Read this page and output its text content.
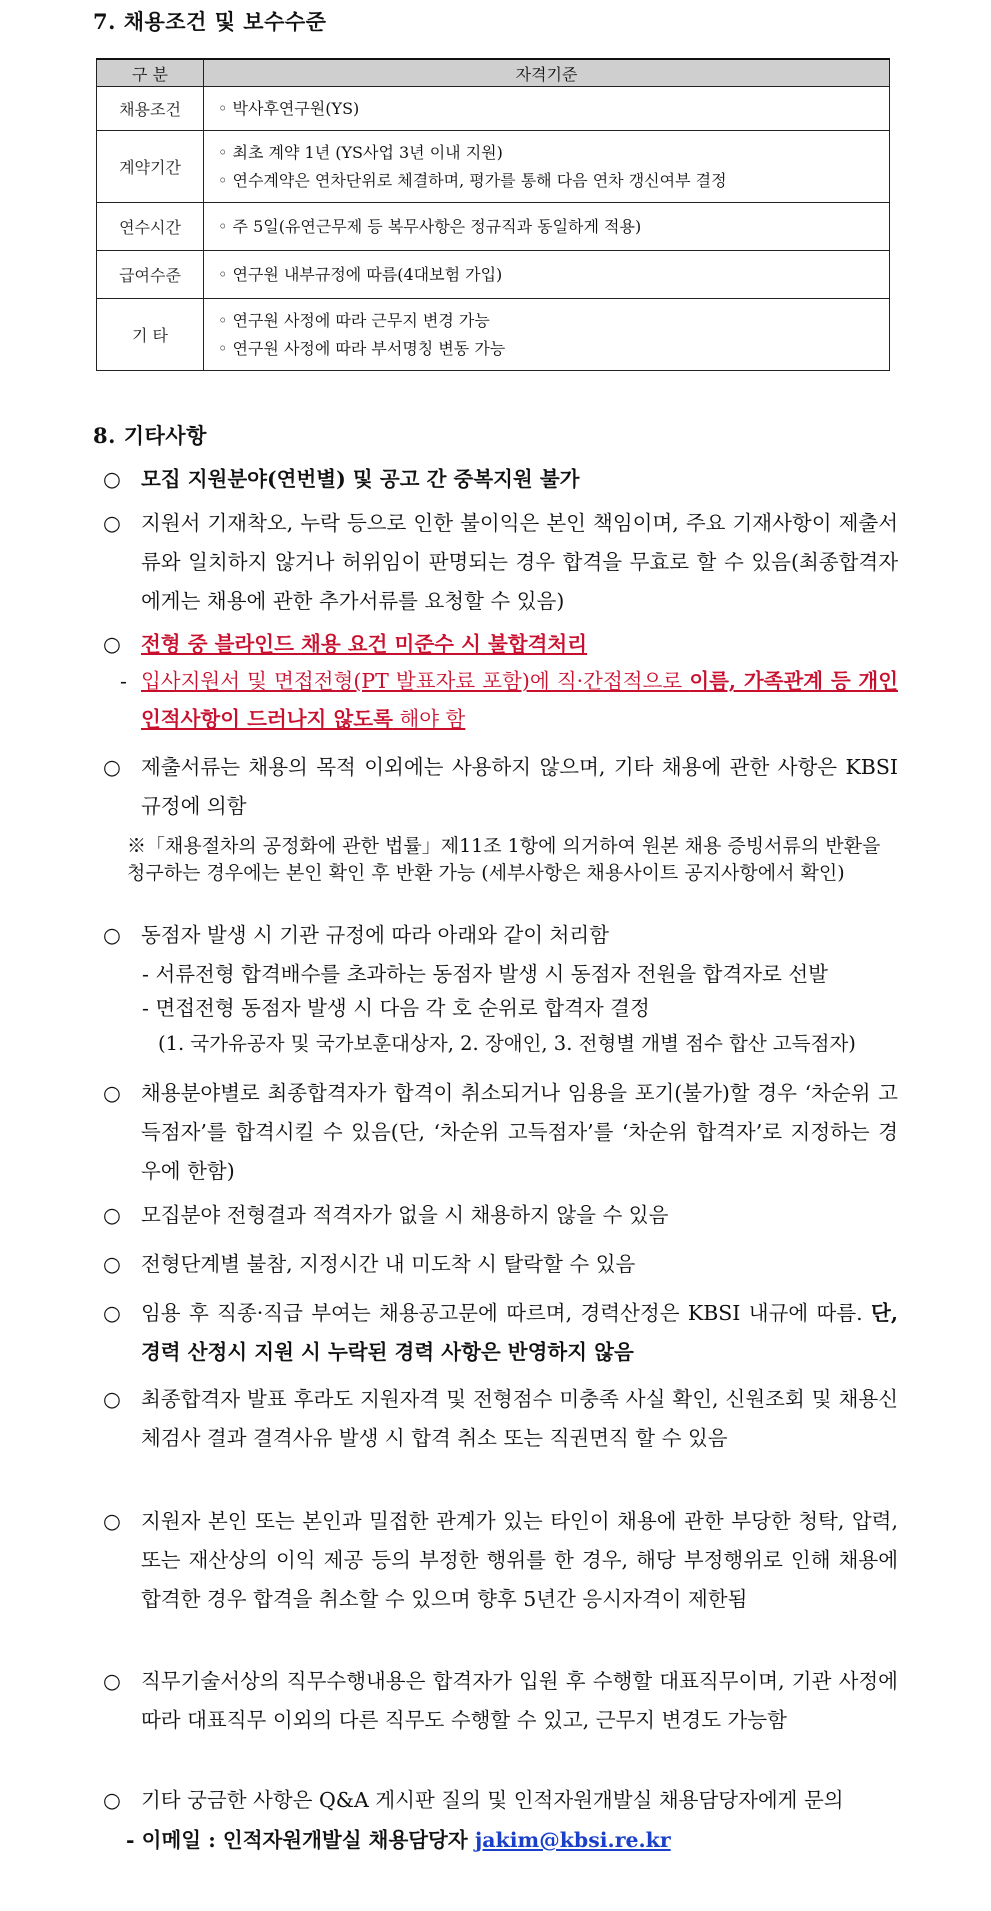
7. 채용조건 및 보수수준
구 분	자격기준
채용조건	◦ 박사후연구원(YS)

계약기간	◦ 최초 계약 1년 (YS사업 3년 이내 지원)
◦ 연수계약은 연차단위로 체결하며, 평가를 통해 다음 연차 갱신여부 결정

연수시간	◦ 주 5일(유연근무제 등 복무사항은 정규직과 동일하게 적용)

급여수준	◦ 연구원 내부규정에 따름(4대보험 가입)

기 타	◦ 연구원 사정에 따라 근무지 변경 가능
◦ 연구원 사정에 따라 부서명칭 변동 가능
8. 기타사항
○ 모집 지원분야(연번별) 및 공고 간 중복지원 불가
○ 지원서 기재착오, 누락 등으로 인한 불이익은 본인 책임이며, 주요 기재사항이 제출서류와 일치하지 않거나 허위임이 판명되는 경우 합격을 무효로 할 수 있음(최종합격자에게는 채용에 관한 추가서류를 요청할 수 있음)
○ 전형 중 블라인드 채용 요건 미준수 시 불합격처리
- 입사지원서 및 면접전형(PT 발표자료 포함)에 직·간접적으로 이름, 가족관계 등 개인 인적사항이 드러나지 않도록 해야 함
○ 제출서류는 채용의 목적 이외에는 사용하지 않으며, 기타 채용에 관한 사항은 KBSI 규정에 의함
※「채용절차의 공정화에 관한 법률」제11조 1항에 의거하여 원본 채용 증빙서류의 반환을 청구하는 경우에는 본인 확인 후 반환 가능 (세부사항은 채용사이트 공지사항에서 확인)
○ 동점자 발생 시 기관 규정에 따라 아래와 같이 처리함
- 서류전형 합격배수를 초과하는 동점자 발생 시 동점자 전원을 합격자로 선발
- 면접전형 동점자 발생 시 다음 각 호 순위로 합격자 결정
(1. 국가유공자 및 국가보훈대상자, 2. 장애인, 3. 전형별 개별 점수 합산 고득점자)
○ 채용분야별로 최종합격자가 합격이 취소되거나 임용을 포기(불가)할 경우 ‘차순위 고득점자’를 합격시킬 수 있음(단, ‘차순위 고득점자’를 ‘차순위 합격자’로 지정하는 경우에 한함)
○ 모집분야 전형결과 적격자가 없을 시 채용하지 않을 수 있음
○ 전형단계별 불참, 지정시간 내 미도착 시 탈락할 수 있음
○ 임용 후 직종·직급 부여는 채용공고문에 따르며, 경력산정은 KBSI 내규에 따름. 단, 경력 산정시 지원 시 누락된 경력 사항은 반영하지 않음
○ 최종합격자 발표 후라도 지원자격 및 전형점수 미충족 사실 확인, 신원조회 및 채용신체검사 결과 결격사유 발생 시 합격 취소 또는 직권면직 할 수 있음
○ 지원자 본인 또는 본인과 밀접한 관계가 있는 타인이 채용에 관한 부당한 청탁, 압력, 또는 재산상의 이익 제공 등의 부정한 행위를 한 경우, 해당 부정행위로 인해 채용에 합격한 경우 합격을 취소할 수 있으며 향후 5년간 응시자격이 제한됨
○ 직무기술서상의 직무수행내용은 합격자가 입원 후 수행할 대표직무이며, 기관 사정에 따라 대표직무 이외의 다른 직무도 수행할 수 있고, 근무지 변경도 가능함
○ 기타 궁금한 사항은 Q&A 게시판 질의 및 인적자원개발실 채용담당자에게 문의
- 이메일 : 인적자원개발실 채용담당자 jakim@kbsi.re.kr
